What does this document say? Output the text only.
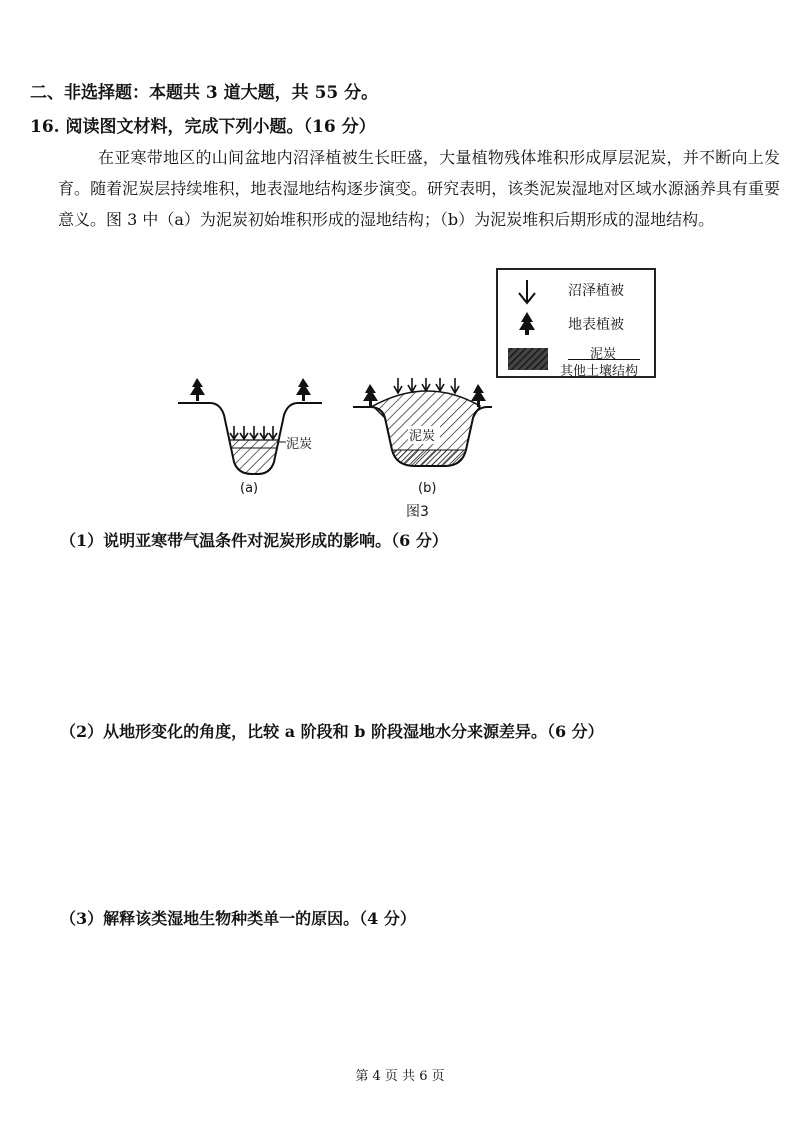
二、非选择题：本题共 3 道大题，共 55 分。
16. 阅读图文材料，完成下列小题。（16 分）

在亚寒带地区的山间盆地内沼泽植被生长旺盛，大量植物残体堆积形成厚层泥炭，并不断向上发育。随着泥炭层持续堆积，地表湿地结构逐步演变。研究表明，该类泥炭湿地对区域水源涵养具有重要意义。图 3 中（a）为泥炭初始堆积形成的湿地结构；（b）为泥炭堆积后期形成的湿地结构。

沼泽植被
地表植被
泥炭
其他土壤结构
泥炭
(a)
泥炭
(b)
图3
（1）说明亚寒带气温条件对泥炭形成的影响。（6 分）
（2）从地形变化的角度，比较 a 阶段和 b 阶段湿地水分来源差异。（6 分）
（3）解释该类湿地生物种类单一的原因。（4 分）
第 4 页 共 6 页
